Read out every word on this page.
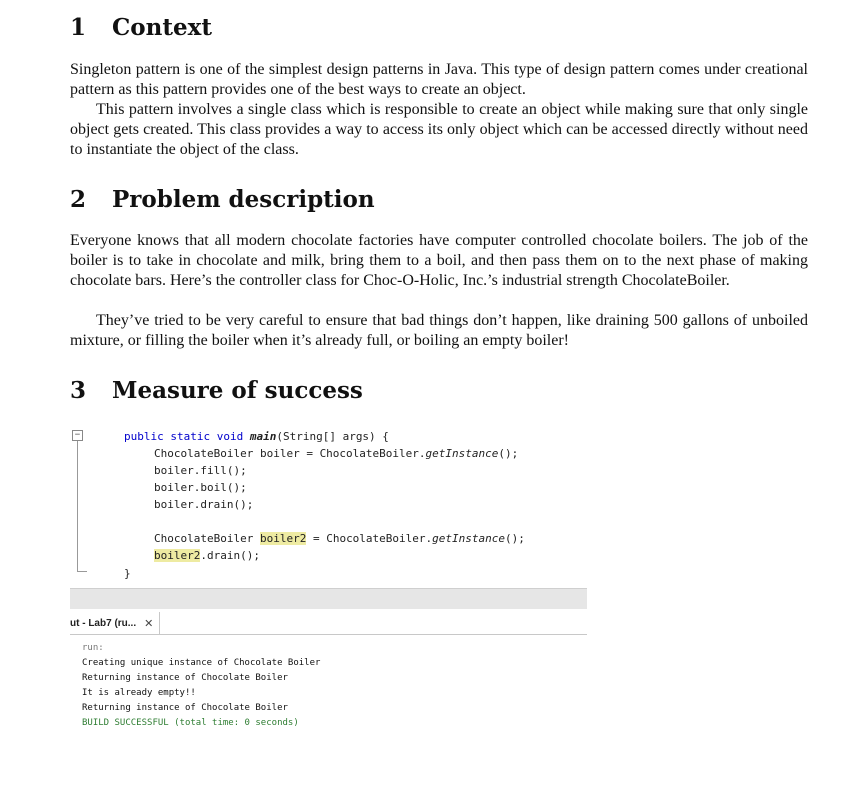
1	Context

Singleton pattern is one of the simplest design patterns in Java. This type of design pattern comes under creational pattern as this pattern provides one of the best ways to create an object.

This pattern involves a single class which is responsible to create an object while making sure that only single object gets created. This class provides a way to access its only object which can be accessed directly without need to instantiate the object of the class.

2	Problem description

Everyone knows that all modern chocolate factories have computer controlled chocolate boilers. The job of the boiler is to take in chocolate and milk, bring them to a boil, and then pass them on to the next phase of making chocolate bars. Here’s the controller class for Choc-O-Holic, Inc.’s industrial strength ChocolateBoiler.

They’ve tried to be very careful to ensure that bad things don’t happen, like draining 500 gallons of unboiled mixture, or filling the boiler when it’s already full, or boiling an empty boiler!

3	Measure of success
−	public static void main(String[] args) {
ChocolateBoiler boiler = ChocolateBoiler.getInstance();
boiler.fill();
boiler.boil();
boiler.drain();
ChocolateBoiler boiler2 = ChocolateBoiler.getInstance();
boiler2.drain();
}
ut - Lab7 (ru... ✕
run:
Creating unique instance of Chocolate Boiler
Returning instance of Chocolate Boiler
It is already empty!!
Returning instance of Chocolate Boiler
BUILD SUCCESSFUL (total time: 0 seconds)
